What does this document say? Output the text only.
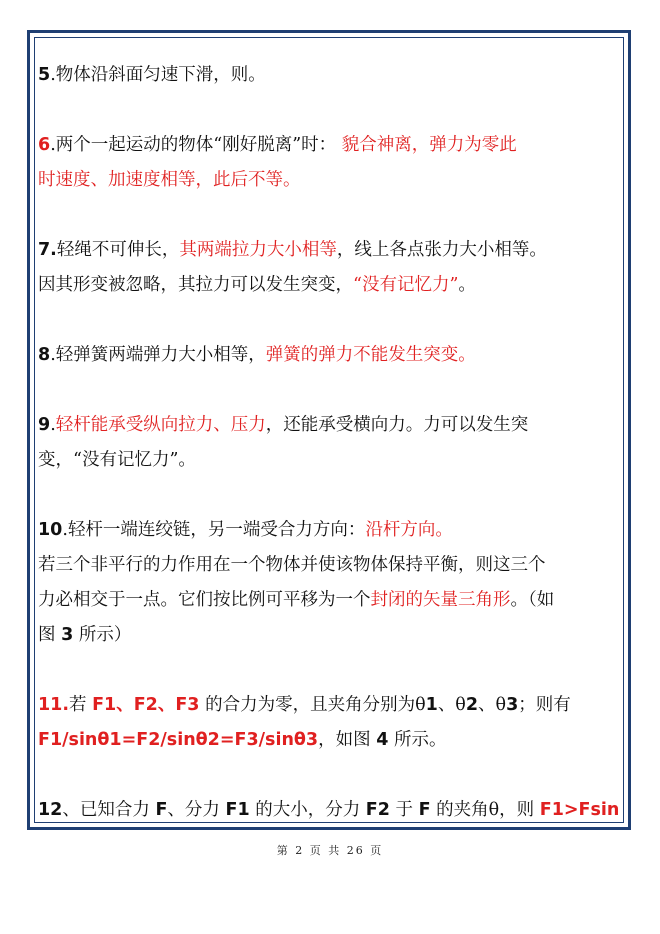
5.物体沿斜面匀速下滑，则。

6.两个一起运动的物体“刚好脱离”时： 貌合神离，弹力为零此
时速度、加速度相等，此后不等。

7.轻绳不可伸长，其两端拉力大小相等，线上各点张力大小相等。
因其形变被忽略，其拉力可以发生突变，“没有记忆力”。

8.轻弹簧两端弹力大小相等，弹簧的弹力不能发生突变。

9.轻杆能承受纵向拉力、压力，还能承受横向力。力可以发生突
变，“没有记忆力”。

10.轻杆一端连绞链，另一端受合力方向：沿杆方向。
若三个非平行的力作用在一个物体并使该物体保持平衡，则这三个
力必相交于一点。它们按比例可平移为一个封闭的矢量三角形。（如
图 3 所示）

11.若 F1、F2、F3 的合力为零，且夹角分别为θ1、θ2、θ3；则有
F1/sinθ1=F2/sinθ2=F3/sinθ3，如图 4 所示。

12、已知合力 F、分力 F1 的大小，分力 F2 于 F 的夹角θ，则 F1>Fsin

第 2 页 共 26 页
